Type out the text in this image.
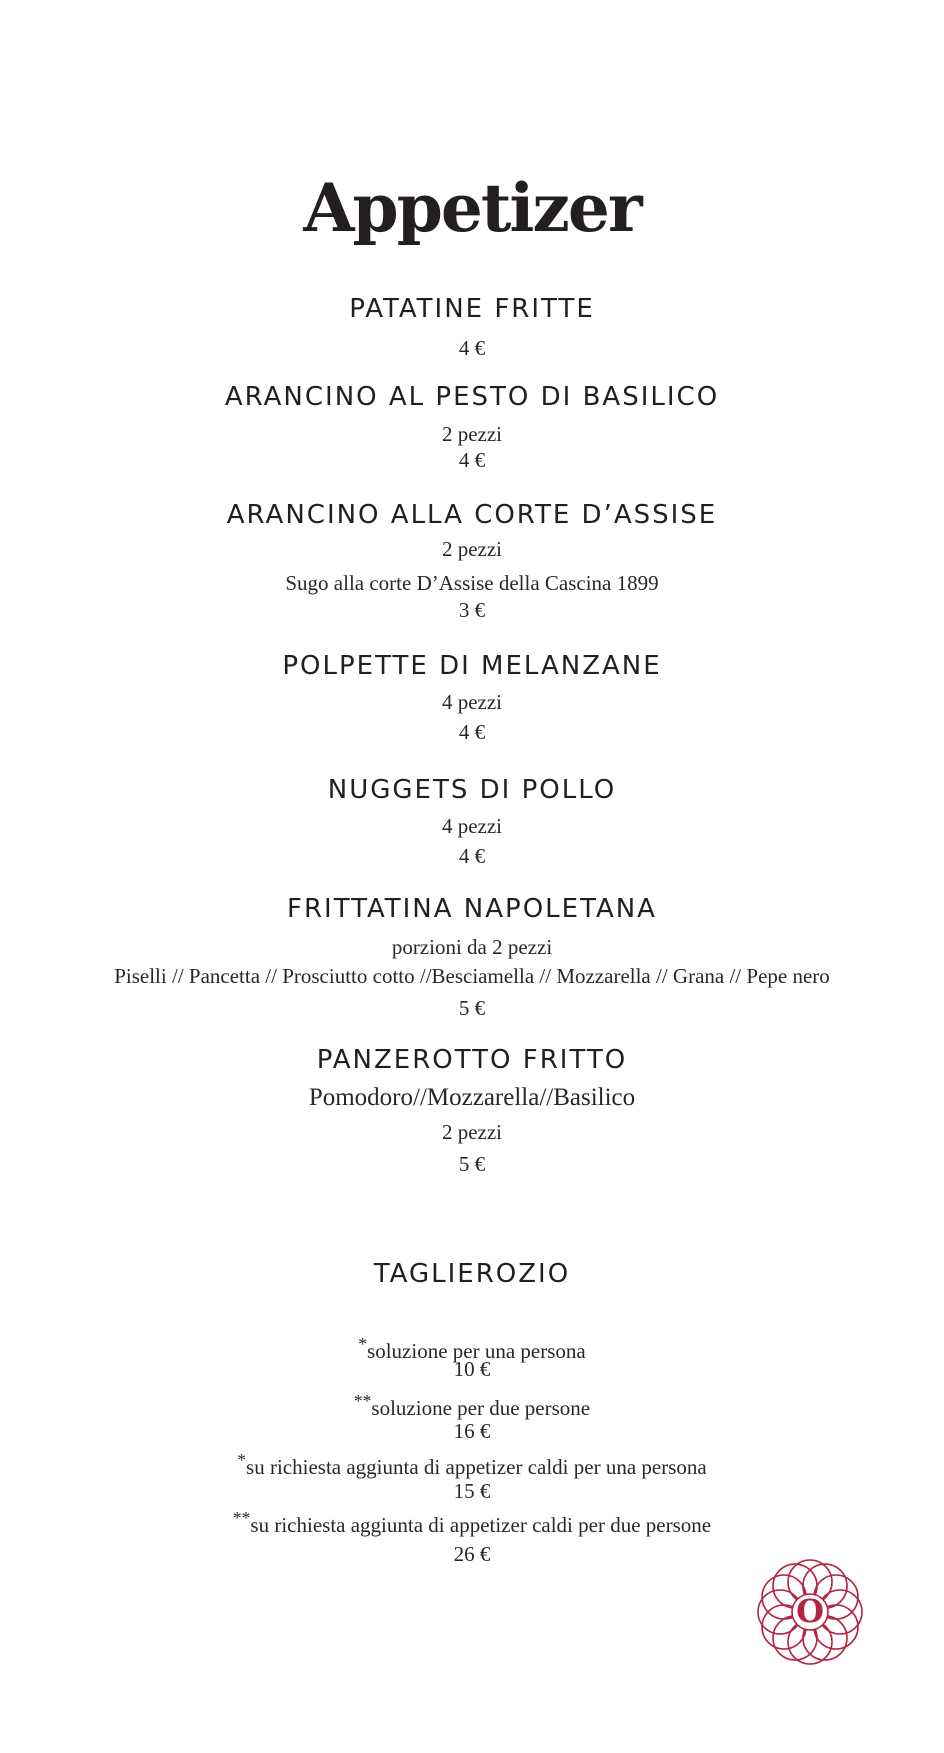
Appetizer
PATATINE FRITTE
4 €
ARANCINO AL PESTO DI BASILICO
2 pezzi
4 €
ARANCINO ALLA CORTE D’ASSISE
2 pezzi
Sugo alla corte D’Assise della Cascina 1899
3 €
POLPETTE DI MELANZANE
4 pezzi
4 €
NUGGETS DI POLLO
4 pezzi
4 €
FRITTATINA NAPOLETANA
porzioni da 2 pezzi
Piselli // Pancetta // Prosciutto cotto //Besciamella // Mozzarella // Grana // Pepe nero
5 €
PANZEROTTO FRITTO
Pomodoro//Mozzarella//Basilico
2 pezzi
5 €
TAGLIEROZIO
*soluzione per una persona
10 €
**soluzione per due persone
16 €
*su richiesta aggiunta di appetizer caldi per una persona
15 €
**su richiesta aggiunta di appetizer caldi per due persone
26 €
O
